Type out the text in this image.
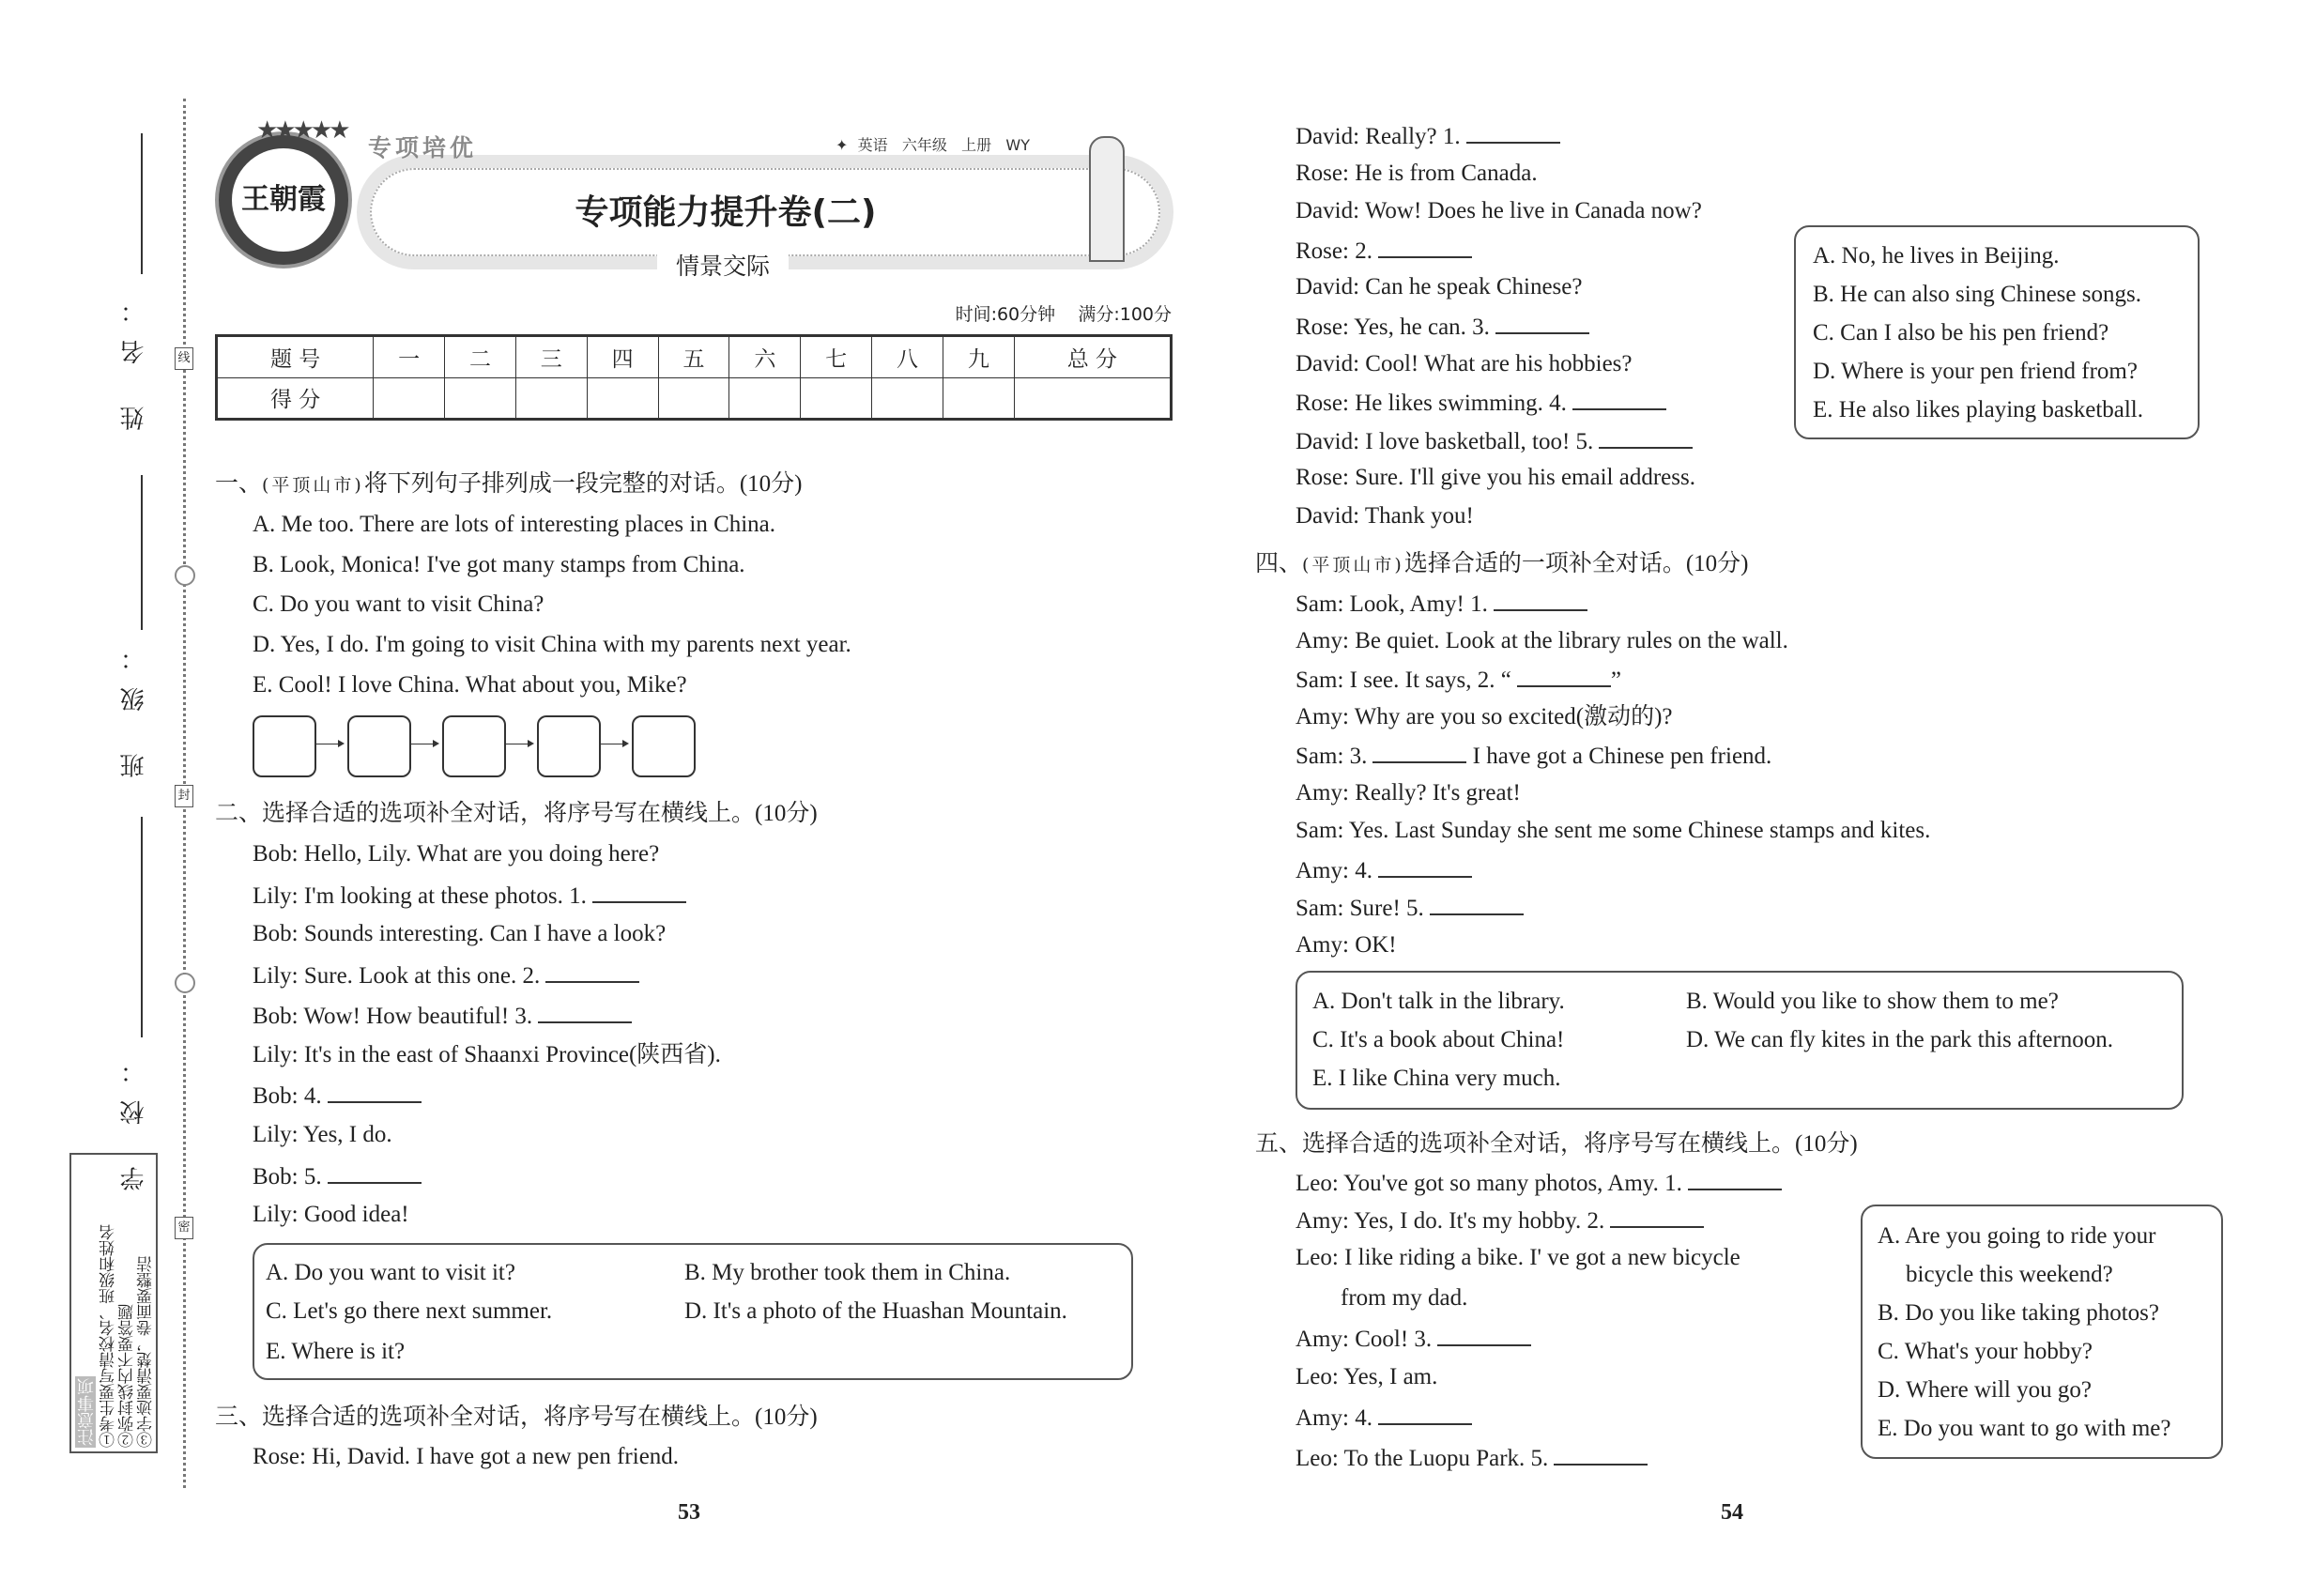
线
封
密
姓 名：
班 级：
学 校：
注意事项 ①考生要写清校名、班级和姓名 ②弥封线内不要答题 ③字迹要清楚，卷面要整洁
王朝霞
★★★★★
专项培优	✦ 英语 六年级 上册 WY
专项能力提升卷(二)
情景交际
时间:60分钟 满分:100分
题 号	一	二	三	四	五	六	七	八	九	总 分
得 分										
一、(平顶山市)将下列句子排列成一段完整的对话。(10分)
A. Me too. There are lots of interesting places in China.
B. Look, Monica! I've got many stamps from China.
C. Do you want to visit China?
D. Yes, I do. I'm going to visit China with my parents next year.
E. Cool! I love China. What about you, Mike?
二、选择合适的选项补全对话，将序号写在横线上。(10分)
Bob: Hello, Lily. What are you doing here?
Lily: I'm looking at these photos. 1.
Bob: Sounds interesting. Can I have a look?
Lily: Sure. Look at this one. 2.
Bob: Wow! How beautiful! 3.
Lily: It's in the east of Shaanxi Province(陕西省).
Bob: 4.
Lily: Yes, I do.
Bob: 5.
Lily: Good idea!
A. Do you want to visit it?	B. My brother took them in China.
C. Let's go there next summer.	D. It's a photo of the Huashan Mountain.
E. Where is it?
三、选择合适的选项补全对话，将序号写在横线上。(10分)
Rose: Hi, David. I have got a new pen friend.
53
David: Really? 1.
Rose: He is from Canada.
David: Wow! Does he live in Canada now?
Rose: 2.
David: Can he speak Chinese?
Rose: Yes, he can. 3.
David: Cool! What are his hobbies?
Rose: He likes swimming. 4.
David: I love basketball, too! 5.
Rose: Sure. I'll give you his email address.
David: Thank you!
A. No, he lives in Beijing.
B. He can also sing Chinese songs.
C. Can I also be his pen friend?
D. Where is your pen friend from?
E. He also likes playing basketball.
四、(平顶山市)选择合适的一项补全对话。(10分)
Sam: Look, Amy! 1.
Amy: Be quiet. Look at the library rules on the wall.
Sam: I see. It says, 2. “	”
Amy: Why are you so excited(激动的)?
Sam: 3.	I have got a Chinese pen friend.
Amy: Really? It's great!
Sam: Yes. Last Sunday she sent me some Chinese stamps and kites.
Amy: 4.
Sam: Sure! 5.
Amy: OK!
A. Don't talk in the library.	B. Would you like to show them to me?
C. It's a book about China!	D. We can fly kites in the park this afternoon.
E. I like China very much.
五、选择合适的选项补全对话，将序号写在横线上。(10分)
Leo: You've got so many photos, Amy. 1.
Amy: Yes, I do. It's my hobby. 2.
Leo: I like riding a bike. I' ve got a new bicycle
from my dad.
Amy: Cool! 3.
Leo: Yes, I am.
Amy: 4.
Leo: To the Luopu Park. 5.
A. Are you going to ride your
bicycle this weekend?
B. Do you like taking photos?
C. What's your hobby?
D. Where will you go?
E. Do you want to go with me?
54
